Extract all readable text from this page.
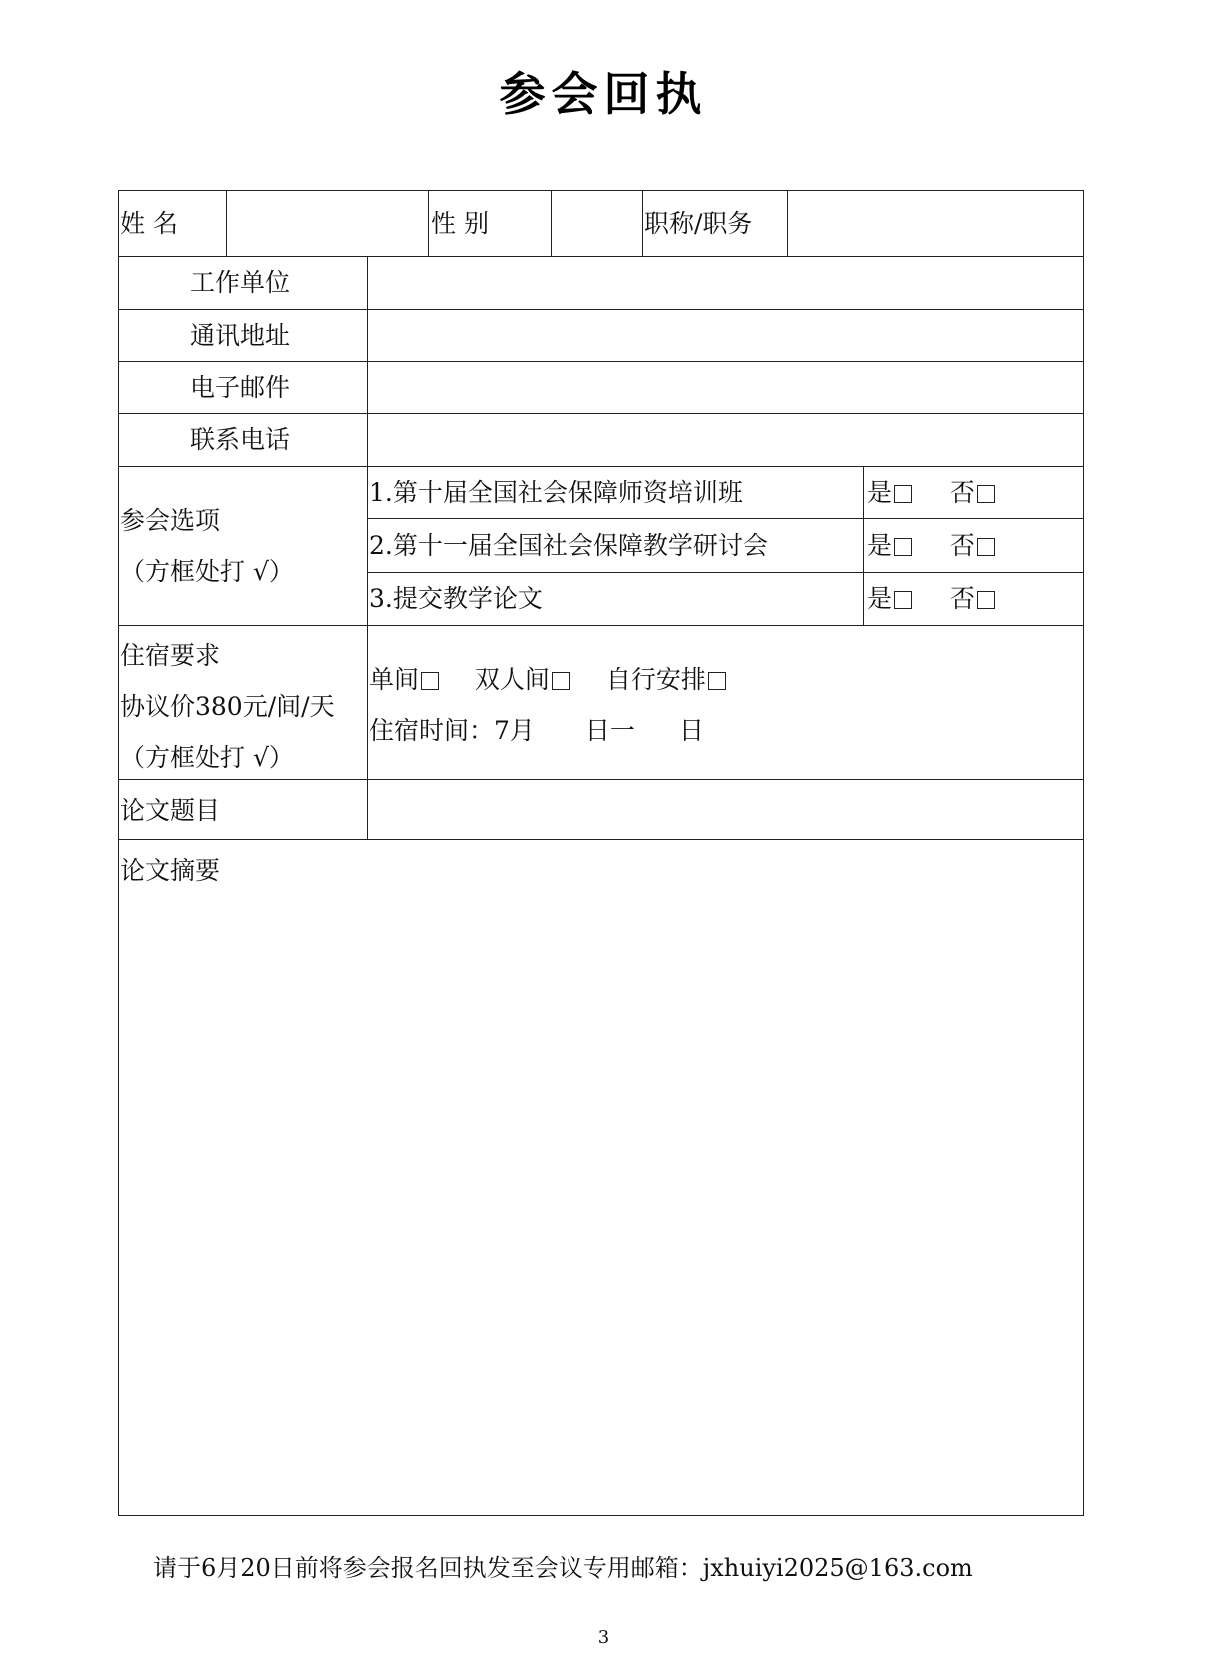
参会回执
姓 名	性 别	职称/职务
工作单位
通讯地址
电子邮件
联系电话
参会选项
（方框处打 √）
1.第十届全国社会保障师资培训班	是 否
2.第十一届全国社会保障教学研讨会	是 否
3.提交教学论文	是 否
住宿要求
协议价380元/间/天
（方框处打 √）
单间 双人间 自行安排
住宿时间：7月 日一 日
论文题目
论文摘要
请于6月20日前将参会报名回执发至会议专用邮箱：jxhuiyi2025@163.com
3
